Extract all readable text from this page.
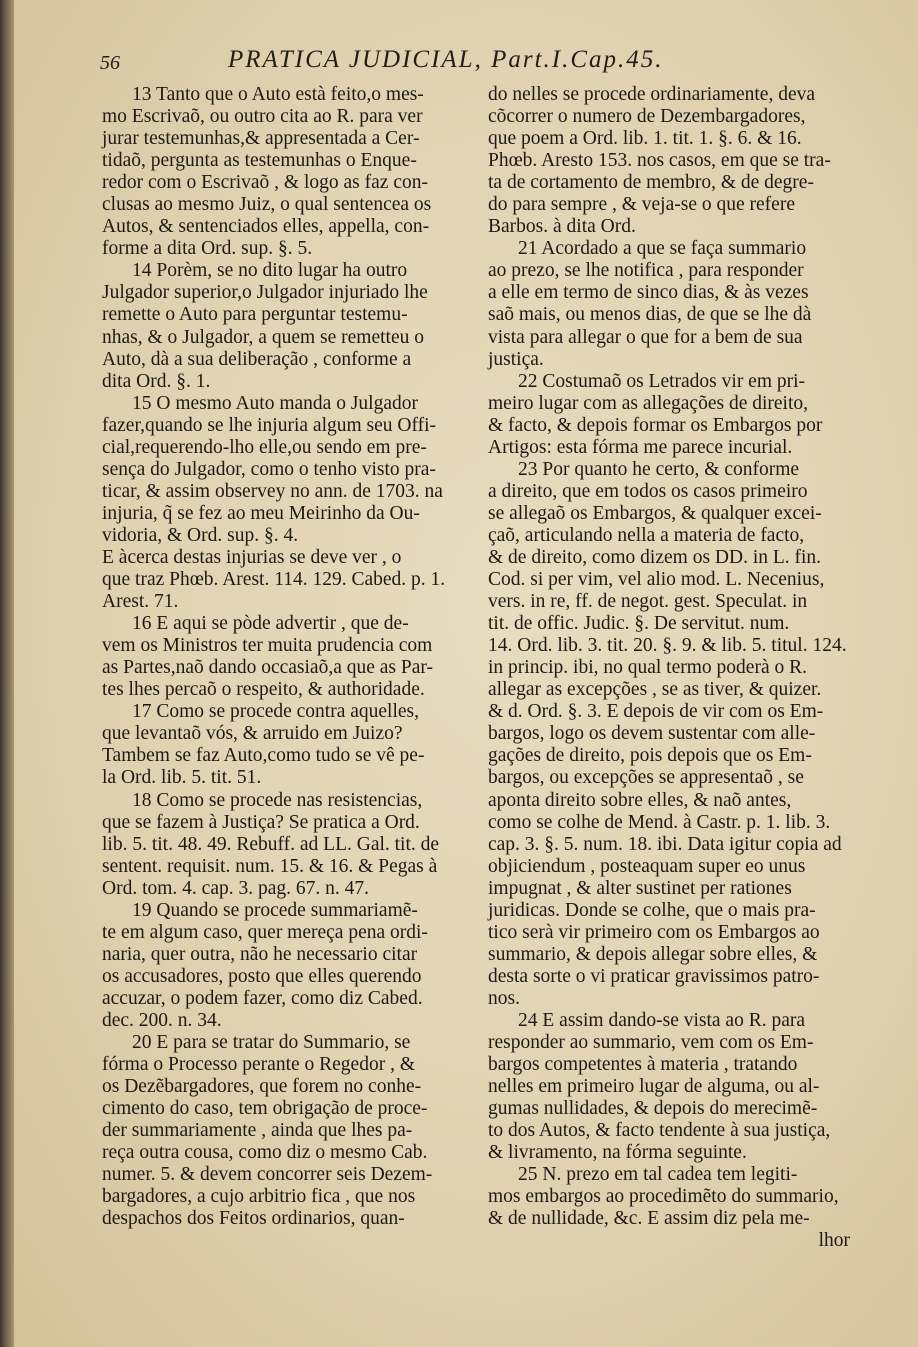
56	PRATICA JUDICIAL, Part.I.Cap.45.
13 Tanto que o Auto està feito,o mes-
mo Escrivaõ, ou outro cita ao R. para ver
jurar testemunhas,& appresentada a Cer-
tidaõ, pergunta as testemunhas o Enque-
redor com o Escrivaõ , & logo as faz con-
clusas ao mesmo Juiz, o qual sentencea os
Autos, & sentenciados elles, appella, con-
forme a dita Ord. sup. §. 5.
14 Porèm, se no dito lugar ha outro
Julgador superior,o Julgador injuriado lhe
remette o Auto para perguntar testemu-
nhas, & o Julgador, a quem se remetteu o
Auto, dà a sua deliberação , conforme a
dita Ord. §. 1.
15 O mesmo Auto manda o Julgador
fazer,quando se lhe injuria algum seu Offi-
cial,requerendo-lho elle,ou sendo em pre-
sença do Julgador, como o tenho visto pra-
ticar, & assim observey no ann. de 1703. na
injuria, q̃ se fez ao meu Meirinho da Ou-
vidoria, & Ord. sup. §. 4.
E àcerca destas injurias se deve ver , o
que traz Phœb. Arest. 114. 129. Cabed. p. 1.
Arest. 71.
16 E aqui se pòde advertir , que de-
vem os Ministros ter muita prudencia com
as Partes,naõ dando occasiaõ,a que as Par-
tes lhes percaõ o respeito, & authoridade.
17 Como se procede contra aquelles,
que levantaõ vós, & arruido em Juizo?
Tambem se faz Auto,como tudo se vê pe-
la Ord. lib. 5. tit. 51.
18 Como se procede nas resistencias,
que se fazem à Justiça? Se pratica a Ord.
lib. 5. tit. 48. 49. Rebuff. ad LL. Gal. tit. de
sentent. requisit. num. 15. & 16. & Pegas à
Ord. tom. 4. cap. 3. pag. 67. n. 47.
19 Quando se procede summariamẽ-
te em algum caso, quer mereça pena ordi-
naria, quer outra, não he necessario citar
os accusadores, posto que elles querendo
accuzar, o podem fazer, como diz Cabed.
dec. 200. n. 34.
20 E para se tratar do Summario, se
fórma o Processo perante o Regedor , &
os Dezẽbargadores, que forem no conhe-
cimento do caso, tem obrigação de proce-
der summariamente , ainda que lhes pa-
reça outra cousa, como diz o mesmo Cab.
numer. 5. & devem concorrer seis Dezem-
bargadores, a cujo arbitrio fica , que nos
despachos dos Feitos ordinarios, quan-
do nelles se procede ordinariamente, deva
cõcorrer o numero de Dezembargadores,
que poem a Ord. lib. 1. tit. 1. §. 6. & 16.
Phœb. Aresto 153. nos casos, em que se tra-
ta de cortamento de membro, & de degre-
do para sempre , & veja-se o que refere
Barbos. à dita Ord.
21 Acordado a que se faça summario
ao prezo, se lhe notifica , para responder
a elle em termo de sinco dias, & às vezes
saõ mais, ou menos dias, de que se lhe dà
vista para allegar o que for a bem de sua
justiça.
22 Costumaõ os Letrados vir em pri-
meiro lugar com as allegações de direito,
& facto, & depois formar os Embargos por
Artigos: esta fórma me parece incurial.
23 Por quanto he certo, & conforme
a direito, que em todos os casos primeiro
se allegaõ os Embargos, & qualquer excei-
çaõ, articulando nella a materia de facto,
& de direito, como dizem os DD. in L. fin.
Cod. si per vim, vel alio mod. L. Necenius,
vers. in re, ff. de negot. gest. Speculat. in
tit. de offic. Judic. §. De servitut. num.
14. Ord. lib. 3. tit. 20. §. 9. & lib. 5. titul. 124.
in princip. ibi, no qual termo poderà o R.
allegar as excepções , se as tiver, & quizer.
& d. Ord. §. 3. E depois de vir com os Em-
bargos, logo os devem sustentar com alle-
gações de direito, pois depois que os Em-
bargos, ou excepções se appresentaõ , se
aponta direito sobre elles, & naõ antes,
como se colhe de Mend. à Castr. p. 1. lib. 3.
cap. 3. §. 5. num. 18. ibi. Data igitur copia ad
objiciendum , posteaquam super eo unus
impugnat , & alter sustinet per rationes
juridicas. Donde se colhe, que o mais pra-
tico serà vir primeiro com os Embargos ao
summario, & depois allegar sobre elles, &
desta sorte o vi praticar gravissimos patro-
nos.
24 E assim dando-se vista ao R. para
responder ao summario, vem com os Em-
bargos competentes à materia , tratando
nelles em primeiro lugar de alguma, ou al-
gumas nullidades, & depois do merecimẽ-
to dos Autos, & facto tendente à sua justiça,
& livramento, na fórma seguinte.
25 N. prezo em tal cadea tem legiti-
mos embargos ao procedimẽto do summario,
& de nullidade, &c. E assim diz pela me-
lhor
